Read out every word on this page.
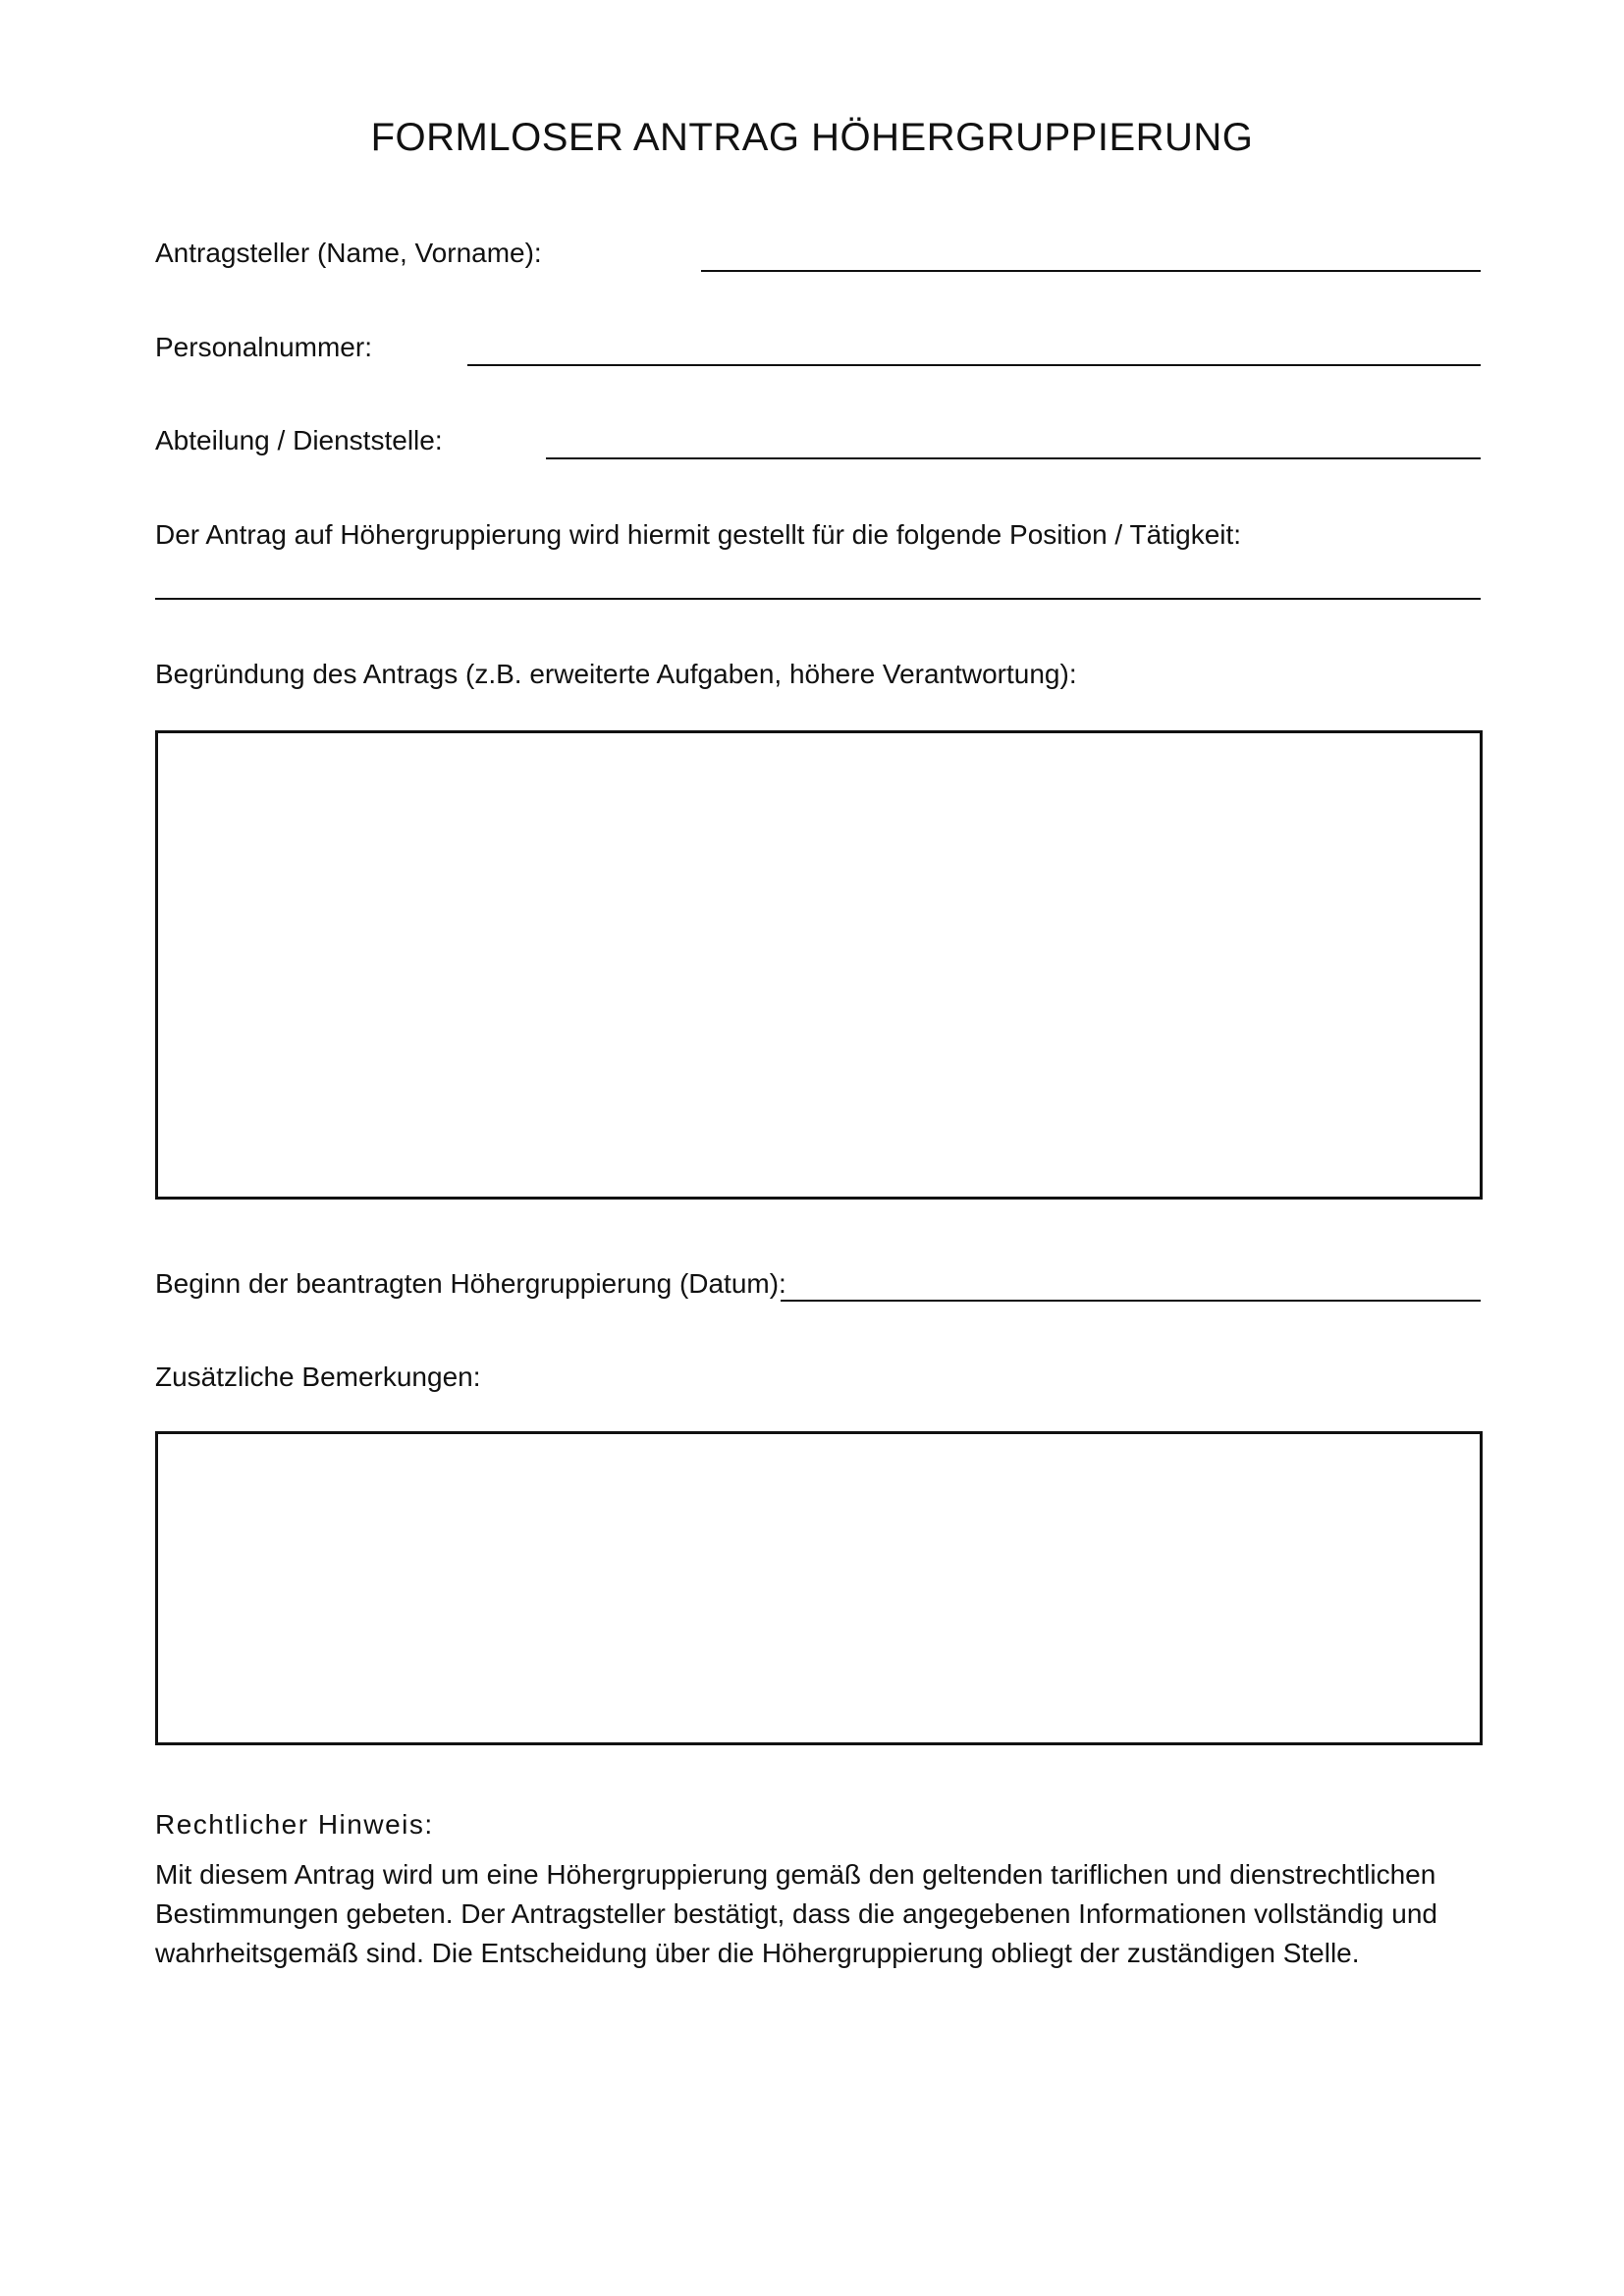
FORMLOSER ANTRAG HÖHERGRUPPIERUNG
Antragsteller (Name, Vorname):
Personalnummer:
Abteilung / Dienststelle:
Der Antrag auf Höhergruppierung wird hiermit gestellt für die folgende Position / Tätigkeit:
Begründung des Antrags (z.B. erweiterte Aufgaben, höhere Verantwortung):
Beginn der beantragten Höhergruppierung (Datum):
Zusätzliche Bemerkungen:
Rechtlicher Hinweis:
Mit diesem Antrag wird um eine Höhergruppierung gemäß den geltenden tariflichen und dienstrechtlichen Bestimmungen gebeten. Der Antragsteller bestätigt, dass die angegebenen Informationen vollständig und wahrheitsgemäß sind. Die Entscheidung über die Höhergruppierung obliegt der zuständigen Stelle.
